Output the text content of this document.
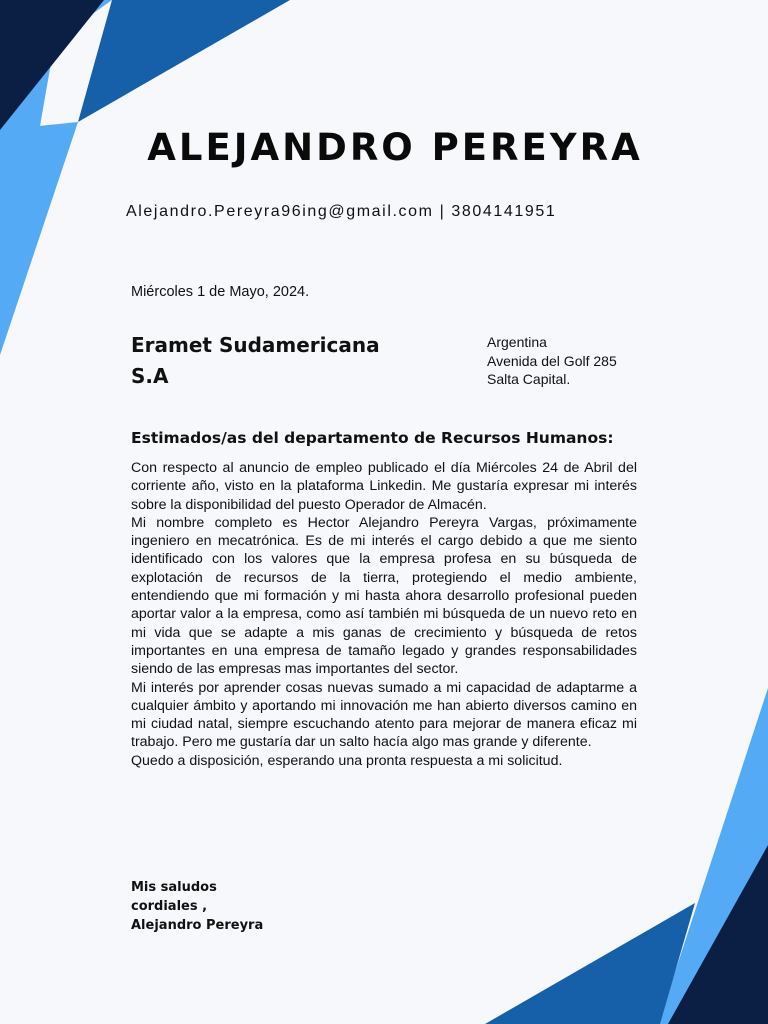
ALEJANDRO PEREYRA
Alejandro.Pereyra96ing@gmail.com | 3804141951
Miércoles 1 de Mayo, 2024.
Eramet Sudamericana
S.A
Argentina
Avenida del Golf 285
Salta Capital.
Estimados/as del departamento de Recursos Humanos:

Con respecto al anuncio de empleo publicado el día Miércoles 24 de Abril del corriente año, visto en la plataforma Linkedin. Me gustaría expresar mi interés sobre la disponibilidad del puesto Operador de Almacén.

Mi nombre completo es Hector Alejandro Pereyra Vargas, próximamente ingeniero en mecatrónica. Es de mi interés el cargo debido a que me siento identificado con los valores que la empresa profesa en su búsqueda de explotación de recursos de la tierra, protegiendo el medio ambiente, entendiendo que mi formación y mi hasta ahora desarrollo profesional pueden aportar valor a la empresa, como así también mi búsqueda de un nuevo reto en mi vida que se adapte a mis ganas de crecimiento y búsqueda de retos importantes en una empresa de tamaño legado y grandes responsabilidades siendo de las empresas mas importantes del sector.

Mi interés por aprender cosas nuevas sumado a mi capacidad de adaptarme a cualquier ámbito y aportando mi innovación me han abierto diversos camino en mi ciudad natal, siempre escuchando atento para mejorar de manera eficaz mi trabajo. Pero me gustaría dar un salto hacía algo mas grande y diferente.

Quedo a disposición, esperando una pronta respuesta a mi solicitud.

Mis saludos
cordiales ,
Alejandro Pereyra
